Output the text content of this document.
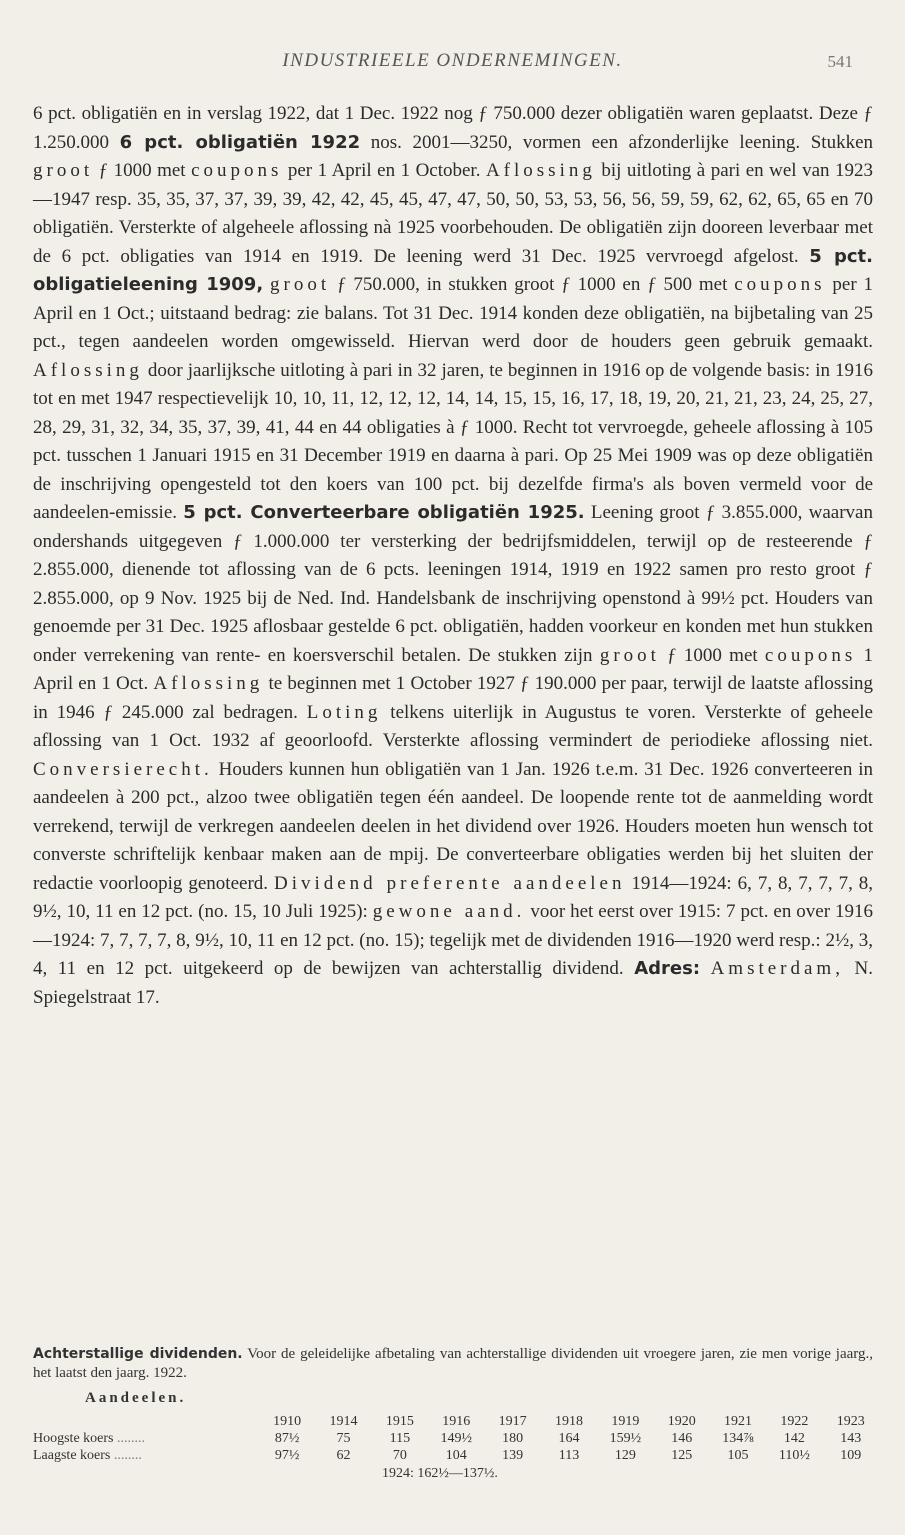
INDUSTRIEELE ONDERNEMINGEN.	541

6 pct. obligatiën en in verslag 1922, dat 1 Dec. 1922 nog ƒ 750.000 dezer obligatiën waren geplaatst. Deze ƒ 1.250.000 6 pct. obligatiën 1922 nos. 2001—3250, vormen een afzonderlijke leening. Stukken groot ƒ 1000 met coupons per 1 April en 1 October. Aflossing bij uitloting à pari en wel van 1923—1947 resp. 35, 35, 37, 37, 39, 39, 42, 42, 45, 45, 47, 47, 50, 50, 53, 53, 56, 56, 59, 59, 62, 62, 65, 65 en 70 obligatiën. Versterkte of algeheele aflossing nà 1925 voorbehouden. De obligatiën zijn dooreen leverbaar met de 6 pct. obligaties van 1914 en 1919. De leening werd 31 Dec. 1925 vervroegd afgelost. 5 pct. obligatieleening 1909, groot ƒ 750.000, in stukken groot ƒ 1000 en ƒ 500 met coupons per 1 April en 1 Oct.; uitstaand bedrag: zie balans. Tot 31 Dec. 1914 konden deze obligatiën, na bijbetaling van 25 pct., tegen aandeelen worden omgewisseld. Hiervan werd door de houders geen gebruik gemaakt. Aflossing door jaarlijksche uitloting à pari in 32 jaren, te beginnen in 1916 op de volgende basis: in 1916 tot en met 1947 respectievelijk 10, 10, 11, 12, 12, 12, 14, 14, 15, 15, 16, 17, 18, 19, 20, 21, 21, 23, 24, 25, 27, 28, 29, 31, 32, 34, 35, 37, 39, 41, 44 en 44 obligaties à ƒ 1000. Recht tot vervroegde, geheele aflossing à 105 pct. tusschen 1 Januari 1915 en 31 December 1919 en daarna à pari. Op 25 Mei 1909 was op deze obligatiën de inschrijving opengesteld tot den koers van 100 pct. bij dezelfde firma's als boven vermeld voor de aandeelen-emissie. 5 pct. Converteerbare obligatiën 1925. Leening groot ƒ 3.855.000, waarvan ondershands uitgegeven ƒ 1.000.000 ter versterking der bedrijfsmiddelen, terwijl op de resteerende ƒ 2.855.000, dienende tot aflossing van de 6 pcts. leeningen 1914, 1919 en 1922 samen pro resto groot ƒ 2.855.000, op 9 Nov. 1925 bij de Ned. Ind. Handelsbank de inschrijving openstond à 99½ pct. Houders van genoemde per 31 Dec. 1925 aflosbaar gestelde 6 pct. obligatiën, hadden voorkeur en konden met hun stukken onder verrekening van rente- en koersverschil betalen. De stukken zijn groot ƒ 1000 met coupons 1 April en 1 Oct. Aflossing te beginnen met 1 October 1927 ƒ 190.000 per paar, terwijl de laatste aflossing in 1946 ƒ 245.000 zal bedragen. Loting telkens uiterlijk in Augustus te voren. Versterkte of geheele aflossing van 1 Oct. 1932 af geoorloofd. Versterkte aflossing vermindert de periodieke aflossing niet. Conversierecht. Houders kunnen hun obligatiën van 1 Jan. 1926 t.e.m. 31 Dec. 1926 converteeren in aandeelen à 200 pct., alzoo twee obligatiën tegen één aandeel. De loopende rente tot de aanmelding wordt verrekend, terwijl de verkregen aandeelen deelen in het dividend over 1926. Houders moeten hun wensch tot converste schriftelijk kenbaar maken aan de mpij. De converteerbare obligaties werden bij het sluiten der redactie voorloopig genoteerd. Dividend preferente aandeelen 1914—1924: 6, 7, 8, 7, 7, 7, 8, 9½, 10, 11 en 12 pct. (no. 15, 10 Juli 1925): gewone aand. voor het eerst over 1915: 7 pct. en over 1916—1924: 7, 7, 7, 7, 8, 9½, 10, 11 en 12 pct. (no. 15); tegelijk met de dividenden 1916—1920 werd resp.: 2½, 3, 4, 11 en 12 pct. uitgekeerd op de bewijzen van achterstallig dividend. Adres: Amsterdam, N. Spiegelstraat 17.

Achterstallige dividenden. Voor de geleidelijke afbetaling van achterstallige dividenden uit vroegere jaren, zie men vorige jaarg., het laatst den jaarg. 1922.
Aandeelen.
	1910	1914	1915	1916	1917	1918	1919	1920	1921	1922	1923
Hoogste koers ........	87½	75	115	149½	180	164	159½	146	134⅞	142	143
Laagste koers ........	97½	62	70	104	139	113	129	125	105	110½	109
1924: 162½—137½.
